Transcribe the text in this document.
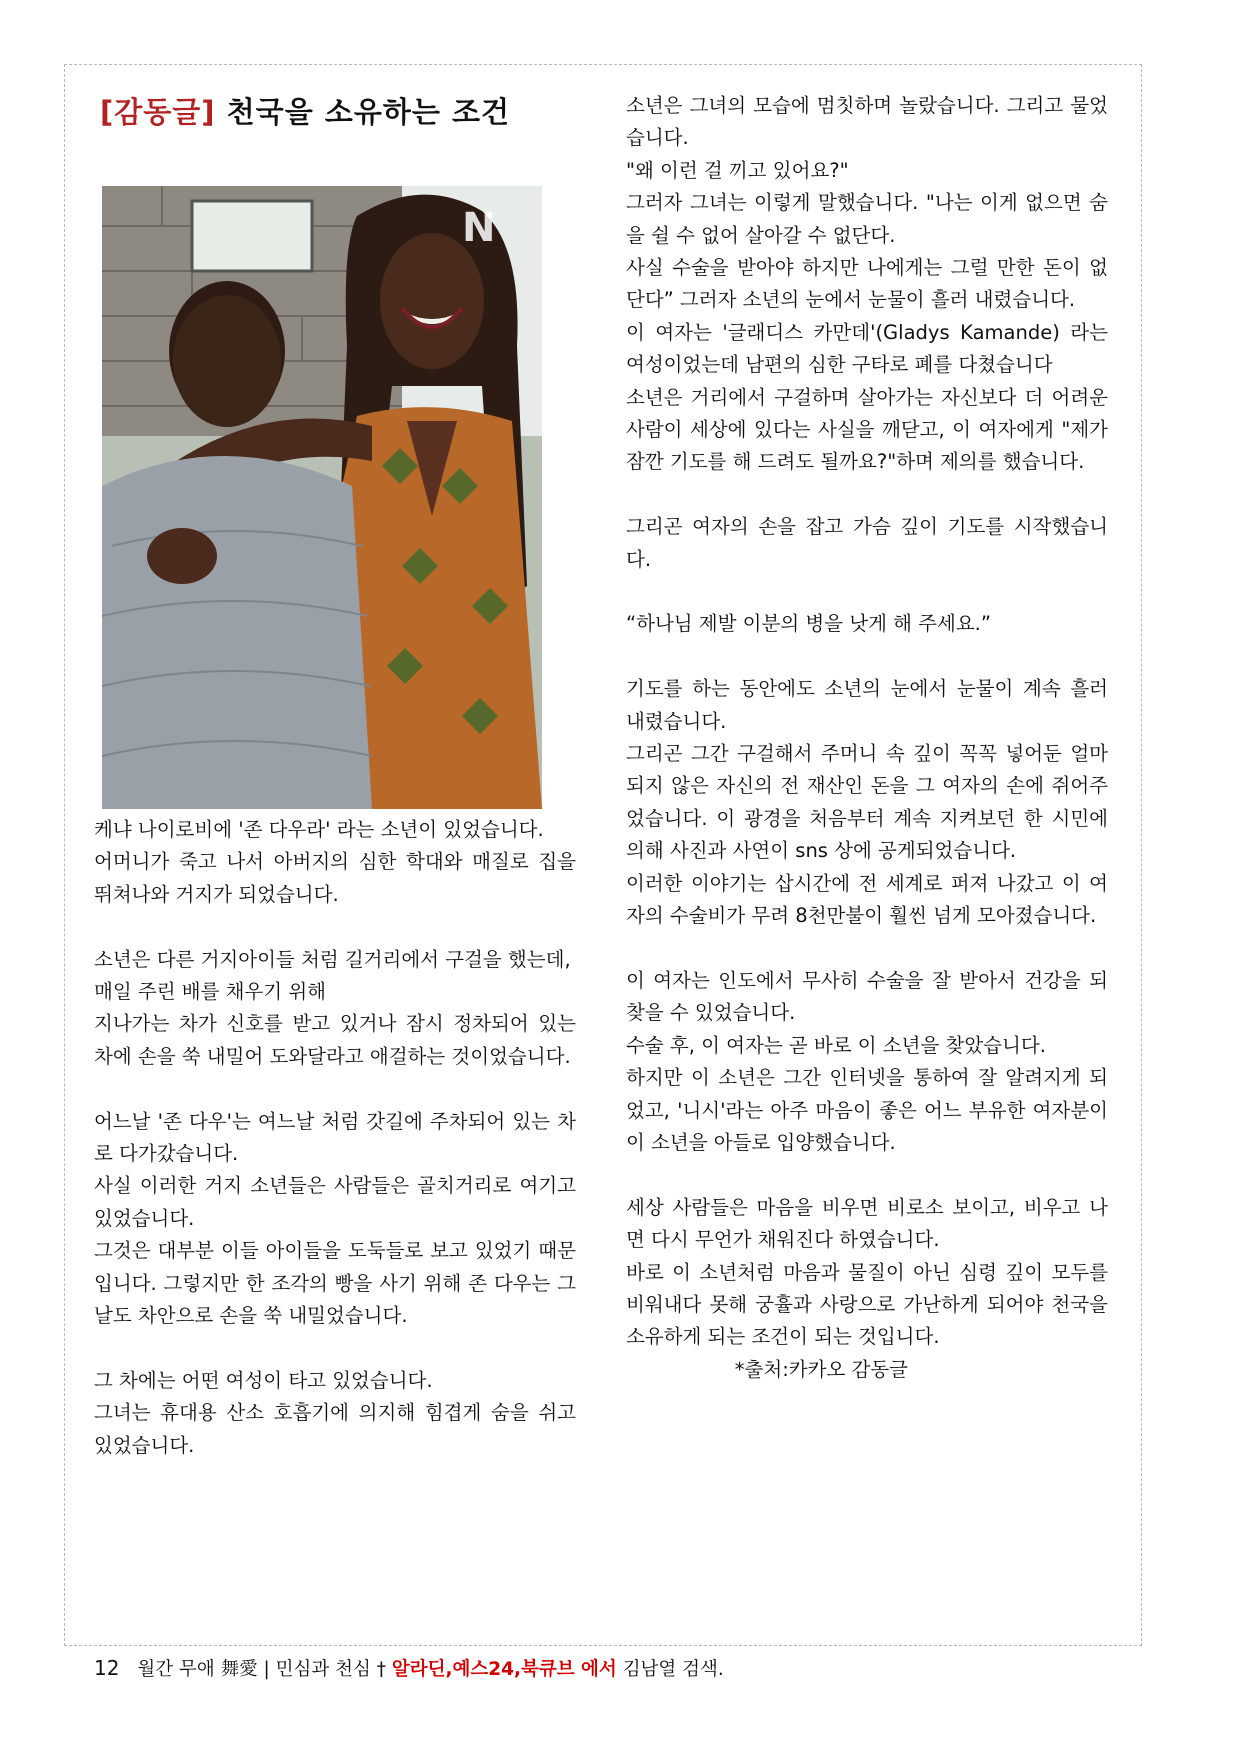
[감동글] 천국을 소유하는 조건
N

케냐 나이로비에 '존 다우라' 라는 소년이 있었습니다.

어머니가 죽고 나서 아버지의 심한 학대와 매질로 집을 뛰쳐나와 거지가 되었습니다.

소년은 다른 거지아이들 처럼 길거리에서 구걸을 했는데,

매일 주린 배를 채우기 위해

지나가는 차가 신호를 받고 있거나 잠시 정차되어 있는 차에 손을 쑥 내밀어 도와달라고 애걸하는 것이었습니다.

어느날 '존 다우'는 여느날 처럼 갓길에 주차되어 있는 차로 다가갔습니다.

사실 이러한 거지 소년들은 사람들은 골치거리로 여기고 있었습니다.

그것은 대부분 이들 아이들을 도둑들로 보고 있었기 때문입니다. 그렇지만 한 조각의 빵을 사기 위해 존 다우는 그날도 차안으로 손을 쑥 내밀었습니다.

그 차에는 어떤 여성이 타고 있었습니다.

그녀는 휴대용 산소 호흡기에 의지해 힘겹게 숨을 쉬고 있었습니다.

소년은 그녀의 모습에 멈칫하며 놀랐습니다. 그리고 물었습니다.

"왜 이런 걸 끼고 있어요?"

그러자 그녀는 이렇게 말했습니다. "나는 이게 없으면 숨을 쉴 수 없어 살아갈 수 없단다.

사실 수술을 받아야 하지만 나에게는 그럴 만한 돈이 없단다” 그러자 소년의 눈에서 눈물이 흘러 내렸습니다.

이 여자는 '글래디스 카만데'(Gladys Kamande) 라는 여성이었는데 남편의 심한 구타로 폐를 다쳤습니다

소년은 거리에서 구걸하며 살아가는 자신보다 더 어려운 사람이 세상에 있다는 사실을 깨닫고, 이 여자에게 "제가 잠깐 기도를 해 드려도 될까요?"하며 제의를 했습니다.

그리곤 여자의 손을 잡고 가슴 깊이 기도를 시작했습니다.

“하나님 제발 이분의 병을 낫게 해 주세요.”

기도를 하는 동안에도 소년의 눈에서 눈물이 계속 흘러 내렸습니다.

그리곤 그간 구걸해서 주머니 속 깊이 꼭꼭 넣어둔 얼마되지 않은 자신의 전 재산인 돈을 그 여자의 손에 쥐어주었습니다. 이 광경을 처음부터 계속 지켜보던 한 시민에 의해 사진과 사연이 sns 상에 공게되었습니다.

이러한 이야기는 삽시간에 전 세계로 퍼져 나갔고 이 여자의 수술비가 무려 8천만불이 훨씬 넘게 모아졌습니다.

이 여자는 인도에서 무사히 수술을 잘 받아서 건강을 되찾을 수 있었습니다.

수술 후, 이 여자는 곧 바로 이 소년을 찾았습니다.

하지만 이 소년은 그간 인터넷을 통하여 잘 알려지게 되었고, '니시'라는 아주 마음이 좋은 어느 부유한 여자분이 이 소년을 아들로 입양했습니다.

세상 사람들은 마음을 비우면 비로소 보이고, 비우고 나면 다시 무언가 채워진다 하였습니다.

바로 이 소년처럼 마음과 물질이 아닌 심령 깊이 모두를 비워내다 못해 궁휼과 사랑으로 가난하게 되어야 천국을 소유하게 되는 조건이 되는 것입니다.

*출처:카카오 감동글

12 월간 무애 舞愛 | 민심과 천심 † 알라딘,예스24,북큐브 에서 김남열 검색.
